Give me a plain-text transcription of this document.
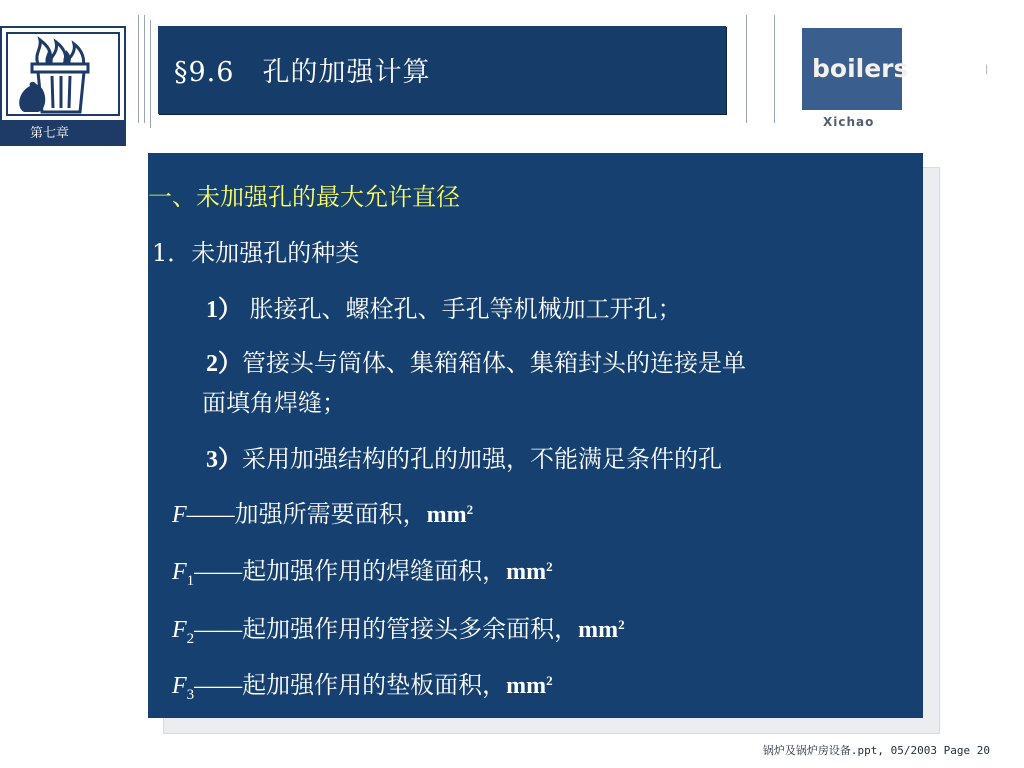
第七章
§9.6　孔的加强计算	boilers
Xichao
|
一、未加强孔的最大允许直径
1．未加强孔的种类
1） 胀接孔、螺栓孔、手孔等机械加工开孔；
2）管接头与筒体、集箱箱体、集箱封头的连接是单
面填角焊缝；
3）采用加强结构的孔的加强，不能满足条件的孔
F——加强所需要面积，$mm^2$
$F_1——$起加强作用的焊缝面积，$mm^2$
$F_2——$起加强作用的管接头多余面积，$mm^2$
$F_3——$起加强作用的垫板面积，$mm^2$
锅炉及锅炉房设备.ppt, 05/2003 Page 20
